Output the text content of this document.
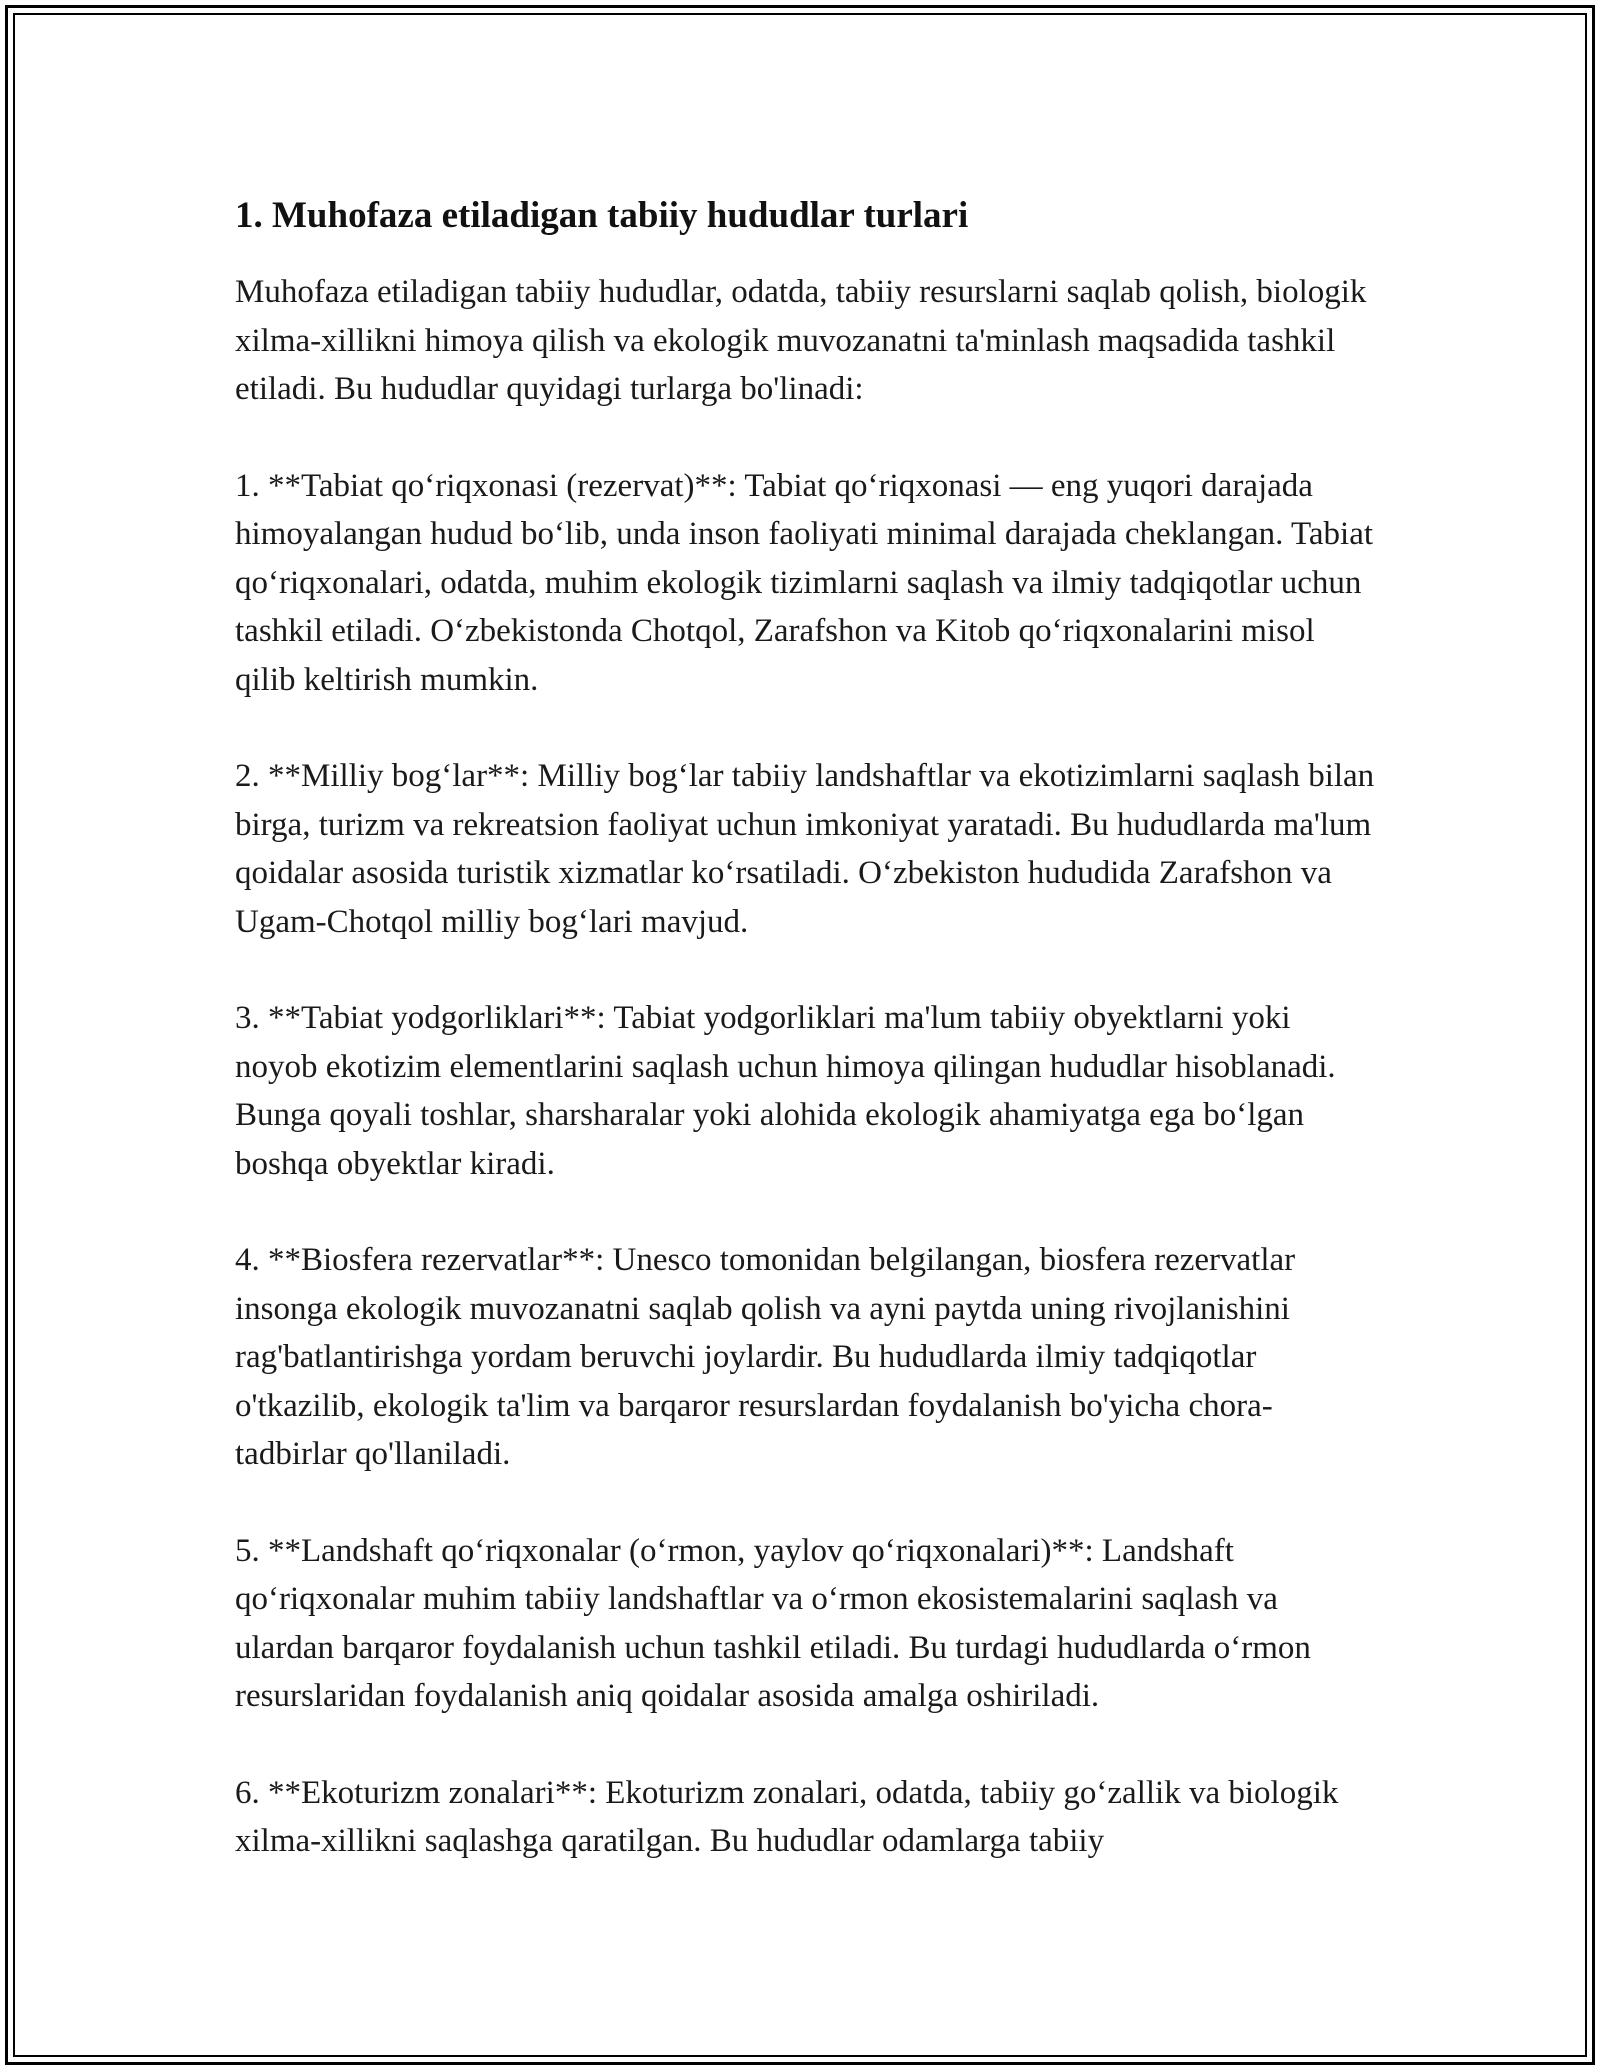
1. Muhofaza etiladigan tabiiy hududlar turlari

Muhofaza etiladigan tabiiy hududlar, odatda, tabiiy resurslarni saqlab qolish, biologik xilma-xillikni himoya qilish va ekologik muvozanatni ta'minlash maqsadida tashkil etiladi. Bu hududlar quyidagi turlarga bo'linadi:

1. **Tabiat qo‘riqxonasi (rezervat)**: Tabiat qo‘riqxonasi — eng yuqori darajada himoyalangan hudud bo‘lib, unda inson faoliyati minimal darajada cheklangan. Tabiat qo‘riqxonalari, odatda, muhim ekologik tizimlarni saqlash va ilmiy tadqiqotlar uchun tashkil etiladi. O‘zbekistonda Chotqol, Zarafshon va Kitob qo‘riqxonalarini misol qilib keltirish mumkin.

2. **Milliy bog‘lar**: Milliy bog‘lar tabiiy landshaftlar va ekotizimlarni saqlash bilan birga, turizm va rekreatsion faoliyat uchun imkoniyat yaratadi. Bu hududlarda ma'lum qoidalar asosida turistik xizmatlar ko‘rsatiladi. O‘zbekiston hududida Zarafshon va Ugam-Chotqol milliy bog‘lari mavjud.

3. **Tabiat yodgorliklari**: Tabiat yodgorliklari ma'lum tabiiy obyektlarni yoki noyob ekotizim elementlarini saqlash uchun himoya qilingan hududlar hisoblanadi. Bunga qoyali toshlar, sharsharalar yoki alohida ekologik ahamiyatga ega bo‘lgan boshqa obyektlar kiradi.

4. **Biosfera rezervatlar**: Unesco tomonidan belgilangan, biosfera rezervatlar insonga ekologik muvozanatni saqlab qolish va ayni paytda uning rivojlanishini rag'batlantirishga yordam beruvchi joylardir. Bu hududlarda ilmiy tadqiqotlar o'tkazilib, ekologik ta'lim va barqaror resurslardan foydalanish bo'yicha chora-tadbirlar qo'llaniladi.

5. **Landshaft qo‘riqxonalar (o‘rmon, yaylov qo‘riqxonalari)**: Landshaft qo‘riqxonalar muhim tabiiy landshaftlar va o‘rmon ekosistemalarini saqlash va ulardan barqaror foydalanish uchun tashkil etiladi. Bu turdagi hududlarda o‘rmon resurslaridan foydalanish aniq qoidalar asosida amalga oshiriladi.

6. **Ekoturizm zonalari**: Ekoturizm zonalari, odatda, tabiiy go‘zallik va biologik xilma-xillikni saqlashga qaratilgan. Bu hududlar odamlarga tabiiy
